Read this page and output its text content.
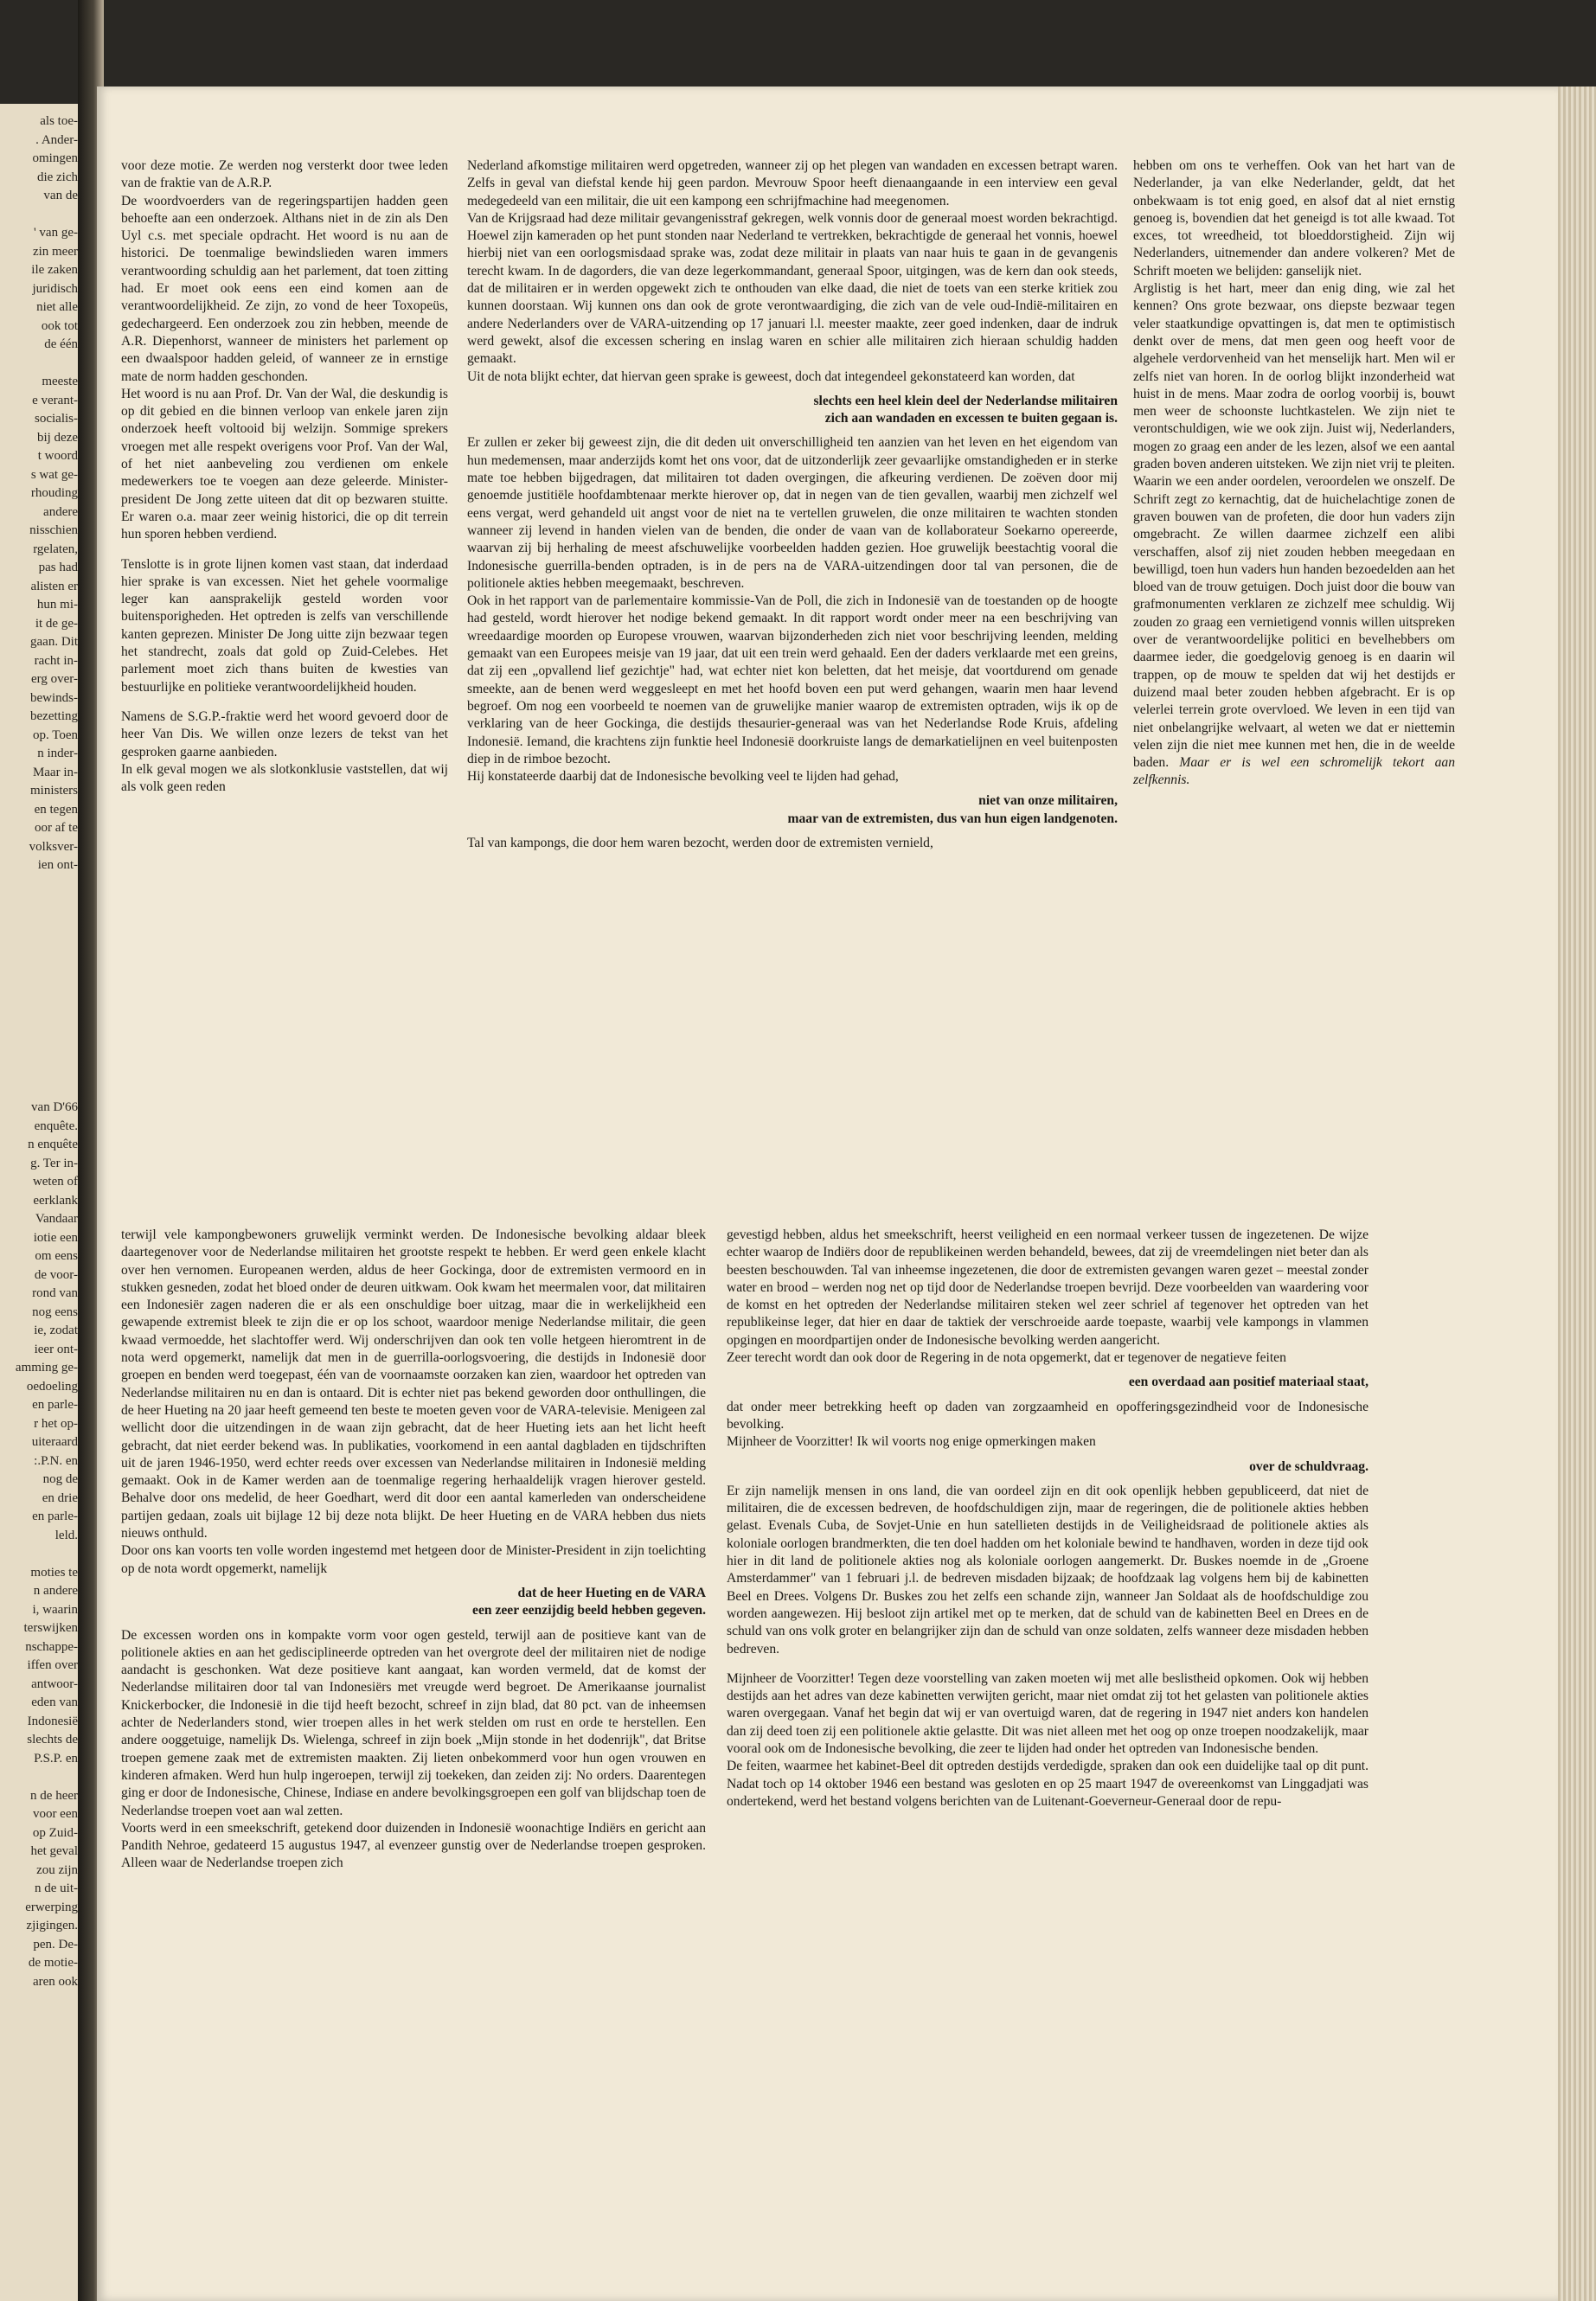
als toe-

. Ander-

omingen

die zich

van de

' van ge-

zin meer

ile zaken

juridisch

niet alle

ook tot

de één

meeste

e verant-

socialis-

bij deze

t woord

s wat ge-

rhouding

andere

nisschien

rgelaten,

pas had

alisten er

hun mi-

it de ge-

gaan. Dit

racht in-

erg over-

bewinds-

bezetting

op. Toen

n inder-

Maar in-

ministers

en tegen

oor af te

volksver-

ien ont-

van D'66

enquête.

n enquête

g. Ter in-

weten of

eerklank

Vandaar

iotie een

om eens

de voor-

rond van

nog eens

ie, zodat

ieer ont-

amming ge-

oedoeling

en parle-

r het op-

uiteraard

:.P.N. en

nog de

en drie

en parle-

leld.

moties te

n andere

i, waarin

terswijken

nschappe-

iffen over

antwoor-

eden van

Indonesië

slechts de

P.S.P. en

n de heer

voor een

op Zuid-

het geval

zou zijn

n de uit-

erwerping

zjigingen.

pen. De-

de motie-

aren ook

voor deze motie. Ze werden nog versterkt door twee leden van de fraktie van de A.R.P.

De woordvoerders van de regeringspartijen hadden geen behoefte aan een onderzoek. Althans niet in de zin als Den Uyl c.s. met speciale opdracht. Het woord is nu aan de historici. De toenmalige bewindslieden waren immers verantwoording schuldig aan het parlement, dat toen zitting had. Er moet ook eens een eind komen aan de verantwoordelijkheid. Ze zijn, zo vond de heer Toxopeüs, gedechargeerd. Een onderzoek zou zin hebben, meende de A.R. Diepenhorst, wanneer de ministers het parlement op een dwaalspoor hadden geleid, of wanneer ze in ernstige mate de norm hadden geschonden.

Het woord is nu aan Prof. Dr. Van der Wal, die deskundig is op dit gebied en die binnen verloop van enkele jaren zijn onderzoek heeft voltooid bij welzijn. Sommige sprekers vroegen met alle respekt overigens voor Prof. Van der Wal, of het niet aanbeveling zou verdienen om enkele medewerkers toe te voegen aan deze geleerde. Minister-president De Jong zette uiteen dat dit op bezwaren stuitte. Er waren o.a. maar zeer weinig historici, die op dit terrein hun sporen hebben verdiend.

Tenslotte is in grote lijnen komen vast staan, dat inderdaad hier sprake is van excessen. Niet het gehele voormalige leger kan aansprakelijk gesteld worden voor buitensporigheden. Het optreden is zelfs van verschillende kanten geprezen. Minister De Jong uitte zijn bezwaar tegen het standrecht, zoals dat gold op Zuid-Celebes. Het parlement moet zich thans buiten de kwesties van bestuurlijke en politieke verantwoordelijkheid houden.

Namens de S.G.P.-fraktie werd het woord gevoerd door de heer Van Dis. We willen onze lezers de tekst van het gesproken gaarne aanbieden.

In elk geval mogen we als slotkonklusie vaststellen, dat wij als volk geen reden

Nederland afkomstige militairen werd opgetreden, wanneer zij op het plegen van wandaden en excessen betrapt waren. Zelfs in geval van diefstal kende hij geen pardon. Mevrouw Spoor heeft dienaangaande in een interview een geval medegedeeld van een militair, die uit een kampong een schrijfmachine had meegenomen.

Van de Krijgsraad had deze militair gevangenisstraf gekregen, welk vonnis door de generaal moest worden bekrachtigd. Hoewel zijn kameraden op het punt stonden naar Nederland te vertrekken, bekrachtigde de generaal het vonnis, hoewel hierbij niet van een oorlogsmisdaad sprake was, zodat deze militair in plaats van naar huis te gaan in de gevangenis terecht kwam. In de dagorders, die van deze legerkommandant, generaal Spoor, uitgingen, was de kern dan ook steeds, dat de militairen er in werden opgewekt zich te onthouden van elke daad, die niet de toets van een sterke kritiek zou kunnen doorstaan. Wij kunnen ons dan ook de grote verontwaardiging, die zich van de vele oud-Indië-militairen en andere Nederlanders over de VARA-uitzending op 17 januari l.l. meester maakte, zeer goed indenken, daar de indruk werd gewekt, alsof die excessen schering en inslag waren en schier alle militairen zich hieraan schuldig hadden gemaakt.

Uit de nota blijkt echter, dat hiervan geen sprake is geweest, doch dat integendeel gekonstateerd kan worden, dat

slechts een heel klein deel der Nederlandse militairen
zich aan wandaden en excessen te buiten gegaan is.

Er zullen er zeker bij geweest zijn, die dit deden uit onverschilligheid ten aanzien van het leven en het eigendom van hun medemensen, maar anderzijds komt het ons voor, dat de uitzonderlijk zeer gevaarlijke omstandigheden er in sterke mate toe hebben bijgedragen, dat militairen tot daden overgingen, die afkeuring verdienen. De zoëven door mij genoemde justitiële hoofdambtenaar merkte hierover op, dat in negen van de tien gevallen, waarbij men zichzelf wel eens vergat, werd gehandeld uit angst voor de niet na te vertellen gruwelen, die onze militairen te wachten stonden wanneer zij levend in handen vielen van de benden, die onder de vaan van de kollaborateur Soekarno opereerde, waarvan zij bij herhaling de meest afschuwelijke voorbeelden hadden gezien. Hoe gruwelijk beestachtig vooral die Indonesische guerrilla-benden optraden, is in de pers na de VARA-uitzendingen door tal van personen, die de politionele akties hebben meegemaakt, beschreven.

Ook in het rapport van de parlementaire kommissie-Van de Poll, die zich in Indonesië van de toestanden op de hoogte had gesteld, wordt hierover het nodige bekend gemaakt. In dit rapport wordt onder meer na een beschrijving van wreedaardige moorden op Europese vrouwen, waarvan bijzonderheden zich niet voor beschrijving leenden, melding gemaakt van een Europees meisje van 19 jaar, dat uit een trein werd gehaald. Een der daders verklaarde met een greins, dat zij een „opvallend lief gezichtje" had, wat echter niet kon beletten, dat het meisje, dat voortdurend om genade smeekte, aan de benen werd weggesleept en met het hoofd boven een put werd gehangen, waarin men haar levend begroef. Om nog een voorbeeld te noemen van de gruwelijke manier waarop de extremisten optraden, wijs ik op de verklaring van de heer Gockinga, die destijds thesaurier-generaal was van het Nederlandse Rode Kruis, afdeling Indonesië. Iemand, die krachtens zijn funktie heel Indonesië doorkruiste langs de demarkatielijnen en veel buitenposten diep in de rimboe bezocht.

Hij konstateerde daarbij dat de Indonesische bevolking veel te lijden had gehad,

niet van onze militairen,
maar van de extremisten, dus van hun eigen landgenoten.

Tal van kampongs, die door hem waren bezocht, werden door de extremisten vernield,

hebben om ons te verheffen. Ook van het hart van de Nederlander, ja van elke Nederlander, geldt, dat het onbekwaam is tot enig goed, en alsof dat al niet ernstig genoeg is, bovendien dat het geneigd is tot alle kwaad. Tot exces, tot wreedheid, tot bloeddorstigheid. Zijn wij Nederlanders, uitnemender dan andere volkeren? Met de Schrift moeten we belijden: ganselijk niet.

Arglistig is het hart, meer dan enig ding, wie zal het kennen? Ons grote bezwaar, ons diepste bezwaar tegen veler staatkundige opvattingen is, dat men te optimistisch denkt over de mens, dat men geen oog heeft voor de algehele verdorvenheid van het menselijk hart. Men wil er zelfs niet van horen. In de oorlog blijkt inzonderheid wat huist in de mens. Maar zodra de oorlog voorbij is, bouwt men weer de schoonste luchtkastelen. We zijn niet te verontschuldigen, wie we ook zijn. Juist wij, Nederlanders, mogen zo graag een ander de les lezen, alsof we een aantal graden boven anderen uitsteken. We zijn niet vrij te pleiten. Waarin we een ander oordelen, veroordelen we onszelf. De Schrift zegt zo kernachtig, dat de huichelachtige zonen de graven bouwen van de profeten, die door hun vaders zijn omgebracht. Ze willen daarmee zichzelf een alibi verschaffen, alsof zij niet zouden hebben meegedaan en bewilligd, toen hun vaders hun handen bezoedelden aan het bloed van de trouw getuigen. Doch juist door die bouw van grafmonumenten verklaren ze zichzelf mee schuldig. Wij zouden zo graag een vernietigend vonnis willen uitspreken over de verantwoordelijke politici en bevelhebbers om daarmee ieder, die goedgelovig genoeg is en daarin wil trappen, op de mouw te spelden dat wij het destijds er duizend maal beter zouden hebben afgebracht. Er is op velerlei terrein grote overvloed. We leven in een tijd van niet onbelangrijke welvaart, al weten we dat er niettemin velen zijn die niet mee kunnen met hen, die in de weelde baden. Maar er is wel een schromelijk tekort aan zelfkennis.

terwijl vele kampongbewoners gruwelijk verminkt werden. De Indonesische bevolking aldaar bleek daartegenover voor de Nederlandse militairen het grootste respekt te hebben. Er werd geen enkele klacht over hen vernomen. Europeanen werden, aldus de heer Gockinga, door de extremisten vermoord en in stukken gesneden, zodat het bloed onder de deuren uitkwam. Ook kwam het meermalen voor, dat militairen een Indonesiër zagen naderen die er als een onschuldige boer uitzag, maar die in werkelijkheid een gewapende extremist bleek te zijn die er op los schoot, waardoor menige Nederlandse militair, die geen kwaad vermoedde, het slachtoffer werd. Wij onderschrijven dan ook ten volle hetgeen hieromtrent in de nota werd opgemerkt, namelijk dat men in de guerrilla-oorlogsvoering, die destijds in Indonesië door groepen en benden werd toegepast, één van de voornaamste oorzaken kan zien, waardoor het optreden van Nederlandse militairen nu en dan is ontaard. Dit is echter niet pas bekend geworden door onthullingen, die de heer Hueting na 20 jaar heeft gemeend ten beste te moeten geven voor de VARA-televisie. Menigeen zal wellicht door die uitzendingen in de waan zijn gebracht, dat de heer Hueting iets aan het licht heeft gebracht, dat niet eerder bekend was. In publikaties, voorkomend in een aantal dagbladen en tijdschriften uit de jaren 1946-1950, werd echter reeds over excessen van Nederlandse militairen in Indonesië melding gemaakt. Ook in de Kamer werden aan de toenmalige regering herhaaldelijk vragen hierover gesteld. Behalve door ons medelid, de heer Goedhart, werd dit door een aantal kamerleden van onderscheidene partijen gedaan, zoals uit bijlage 12 bij deze nota blijkt. De heer Hueting en de VARA hebben dus niets nieuws onthuld.

Door ons kan voorts ten volle worden ingestemd met hetgeen door de Minister-President in zijn toelichting op de nota wordt opgemerkt, namelijk

dat de heer Hueting en de VARA
een zeer eenzijdig beeld hebben gegeven.

De excessen worden ons in kompakte vorm voor ogen gesteld, terwijl aan de positieve kant van de politionele akties en aan het gedisciplineerde optreden van het overgrote deel der militairen niet de nodige aandacht is geschonken. Wat deze positieve kant aangaat, kan worden vermeld, dat de komst der Nederlandse militairen door tal van Indonesiërs met vreugde werd begroet. De Amerikaanse journalist Knickerbocker, die Indonesië in die tijd heeft bezocht, schreef in zijn blad, dat 80 pct. van de inheemsen achter de Nederlanders stond, wier troepen alles in het werk stelden om rust en orde te herstellen. Een andere ooggetuige, namelijk Ds. Wielenga, schreef in zijn boek „Mijn stonde in het dodenrijk", dat Britse troepen gemene zaak met de extremisten maakten. Zij lieten onbekommerd voor hun ogen vrouwen en kinderen afmaken. Werd hun hulp ingeroepen, terwijl zij toekeken, dan zeiden zij: No orders. Daarentegen ging er door de Indonesische, Chinese, Indiase en andere bevolkingsgroepen een golf van blijdschap toen de Nederlandse troepen voet aan wal zetten.

Voorts werd in een smeekschrift, getekend door duizenden in Indonesië woonachtige Indiërs en gericht aan Pandith Nehroe, gedateerd 15 augustus 1947, al evenzeer gunstig over de Nederlandse troepen gesproken. Alleen waar de Nederlandse troepen zich

gevestigd hebben, aldus het smeekschrift, heerst veiligheid en een normaal verkeer tussen de ingezetenen. De wijze echter waarop de Indiërs door de republikeinen werden behandeld, bewees, dat zij de vreemdelingen niet beter dan als beesten beschouwden. Tal van inheemse ingezetenen, die door de extremisten gevangen waren gezet – meestal zonder water en brood – werden nog net op tijd door de Nederlandse troepen bevrijd. Deze voorbeelden van waardering voor de komst en het optreden der Nederlandse militairen steken wel zeer schriel af tegenover het optreden van het republikeinse leger, dat hier en daar de taktiek der verschroeide aarde toepaste, waarbij vele kampongs in vlammen opgingen en moordpartijen onder de Indonesische bevolking werden aangericht.

Zeer terecht wordt dan ook door de Regering in de nota opgemerkt, dat er tegenover de negatieve feiten

een overdaad aan positief materiaal staat,

dat onder meer betrekking heeft op daden van zorgzaamheid en opofferingsgezindheid voor de Indonesische bevolking.

Mijnheer de Voorzitter! Ik wil voorts nog enige opmerkingen maken

over de schuldvraag.

Er zijn namelijk mensen in ons land, die van oordeel zijn en dit ook openlijk hebben gepubliceerd, dat niet de militairen, die de excessen bedreven, de hoofdschuldigen zijn, maar de regeringen, die de politionele akties hebben gelast. Evenals Cuba, de Sovjet-Unie en hun satellieten destijds in de Veiligheidsraad de politionele akties als koloniale oorlogen brandmerkten, die ten doel hadden om het koloniale bewind te handhaven, worden in deze tijd ook hier in dit land de politionele akties nog als koloniale oorlogen aangemerkt. Dr. Buskes noemde in de „Groene Amsterdammer" van 1 februari j.l. de bedreven misdaden bijzaak; de hoofdzaak lag volgens hem bij de kabinetten Beel en Drees. Volgens Dr. Buskes zou het zelfs een schande zijn, wanneer Jan Soldaat als de hoofdschuldige zou worden aangewezen. Hij besloot zijn artikel met op te merken, dat de schuld van de kabinetten Beel en Drees en de schuld van ons volk groter en belangrijker zijn dan de schuld van onze soldaten, zelfs wanneer deze misdaden hebben bedreven.

Mijnheer de Voorzitter! Tegen deze voorstelling van zaken moeten wij met alle beslistheid opkomen. Ook wij hebben destijds aan het adres van deze kabinetten verwijten gericht, maar niet omdat zij tot het gelasten van politionele akties waren overgegaan. Vanaf het begin dat wij er van overtuigd waren, dat de regering in 1947 niet anders kon handelen dan zij deed toen zij een politionele aktie gelastte. Dit was niet alleen met het oog op onze troepen noodzakelijk, maar vooral ook om de Indonesische bevolking, die zeer te lijden had onder het optreden van Indonesische benden.

De feiten, waarmee het kabinet-Beel dit optreden destijds verdedigde, spraken dan ook een duidelijke taal op dit punt. Nadat toch op 14 oktober 1946 een bestand was gesloten en op 25 maart 1947 de overeenkomst van Linggadjati was ondertekend, werd het bestand volgens berichten van de Luitenant-Goeverneur-Generaal door de repu-
